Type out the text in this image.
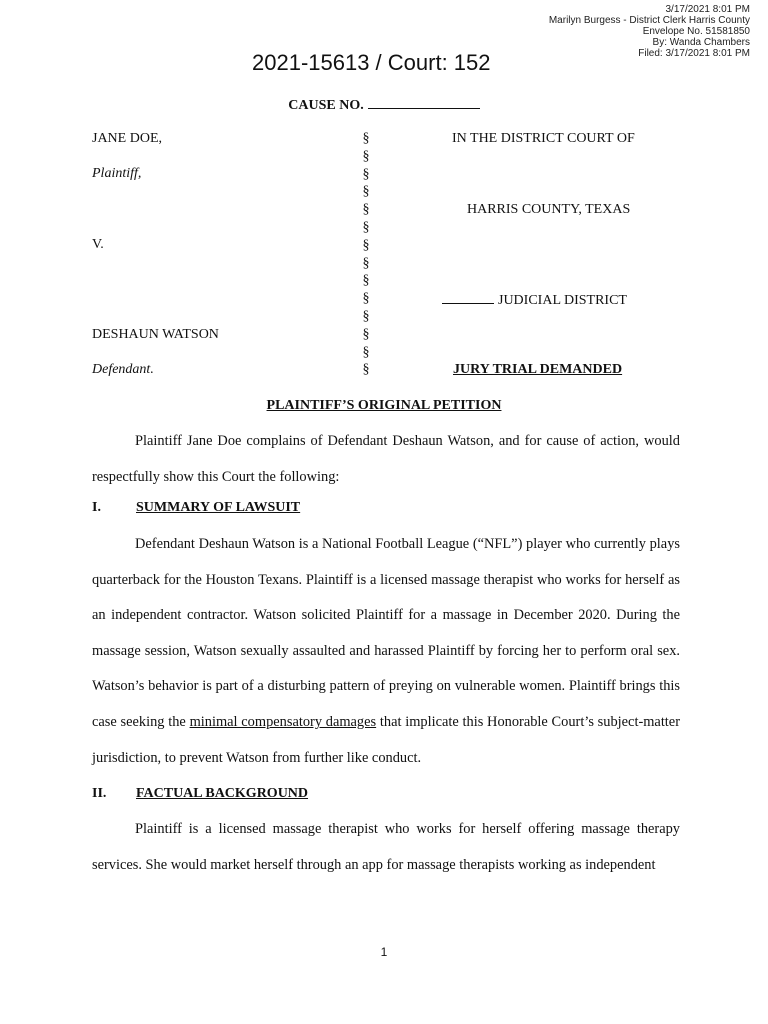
3/17/2021 8:01 PM
Marilyn Burgess - District Clerk Harris County
Envelope No. 51581850
By: Wanda Chambers
Filed: 3/17/2021 8:01 PM
2021-15613 / Court: 152
CAUSE NO.
JANE DOE,
Plaintiff,
V.
DESHAUN WATSON
Defendant.
§
§
§
§
§
§
§
§
§
§
§
§
§
§
IN THE DISTRICT COURT OF
HARRIS COUNTY, TEXAS
JUDICIAL DISTRICT
JURY TRIAL DEMANDED
PLAINTIFF’S ORIGINAL PETITION

Plaintiff Jane Doe complains of Defendant Deshaun Watson, and for cause of action, would respectfully show this Court the following:

I.	SUMMARY OF LAWSUIT

Defendant Deshaun Watson is a National Football League (“NFL”) player who currently plays quarterback for the Houston Texans. Plaintiff is a licensed massage therapist who works for herself as an independent contractor. Watson solicited Plaintiff for a massage in December 2020. During the massage session, Watson sexually assaulted and harassed Plaintiff by forcing her to perform oral sex. Watson’s behavior is part of a disturbing pattern of preying on vulnerable women. Plaintiff brings this case seeking the minimal compensatory damages that implicate this Honorable Court’s subject-matter jurisdiction, to prevent Watson from further like conduct.

II. FACTUAL BACKGROUND

Plaintiff is a licensed massage therapist who works for herself offering massage therapy services. She would market herself through an app for massage therapists working as independent

1
